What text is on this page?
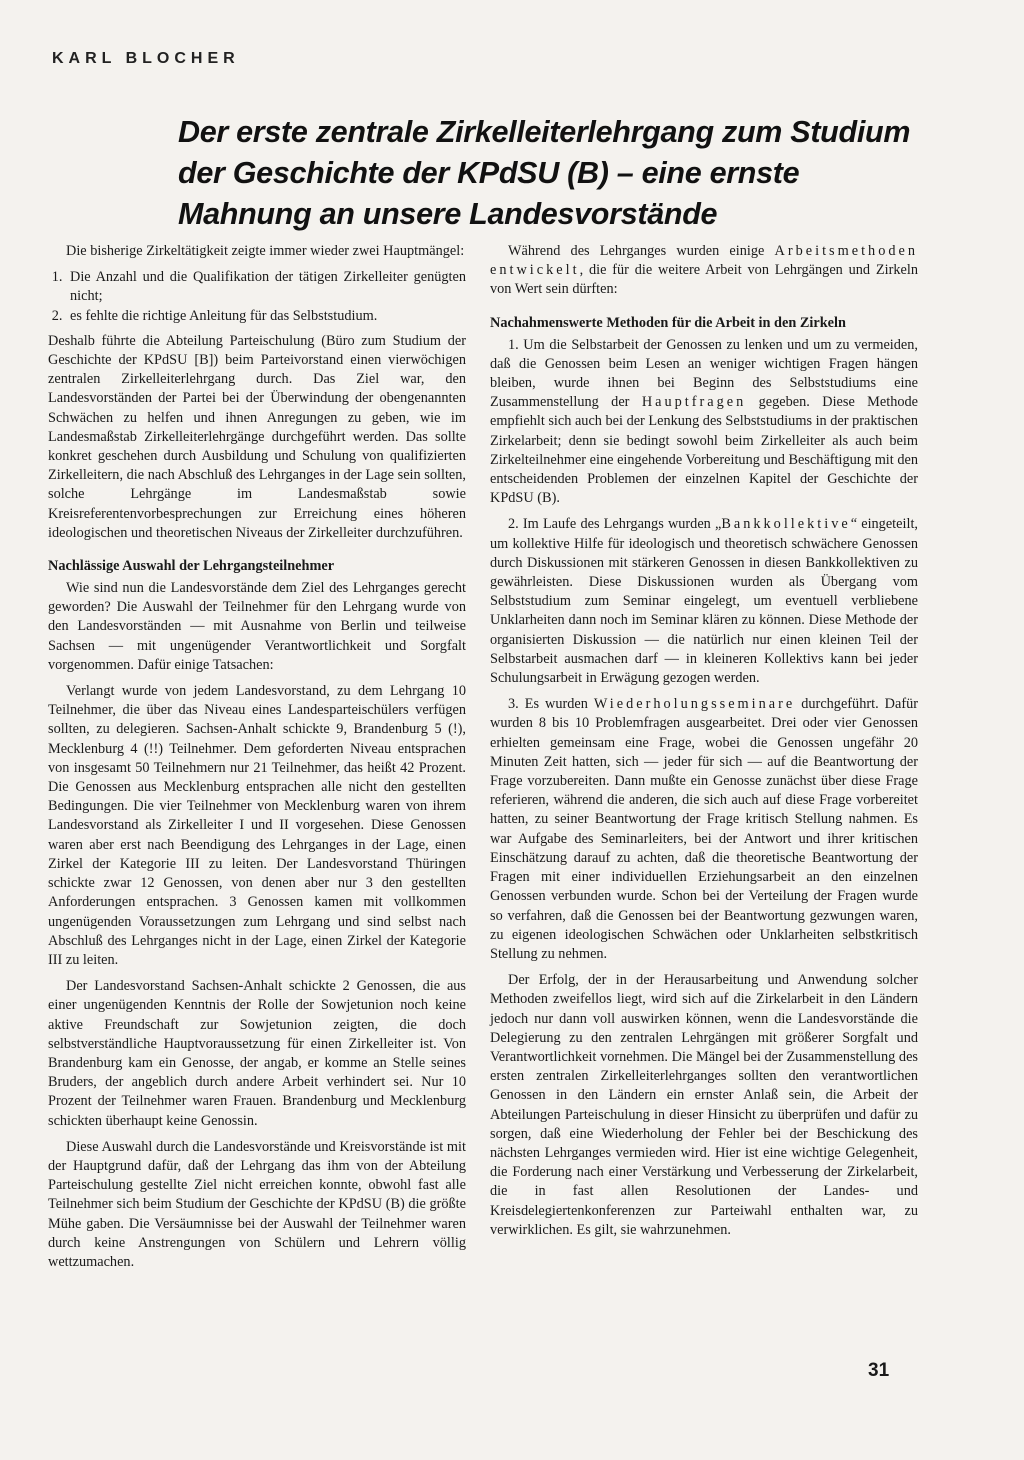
KARL BLOCHER
Der erste zentrale Zirkelleiterlehrgang zum Studium der Geschichte der KPdSU (B) – eine ernste Mahnung an unsere Landesvorstände

Die bisherige Zirkeltätigkeit zeigte immer wieder zwei Hauptmängel:

1. Die Anzahl und die Qualifikation der tätigen Zirkelleiter genügten nicht;
2. es fehlte die richtige Anleitung für das Selbststudium.

Deshalb führte die Abteilung Parteischulung (Büro zum Studium der Geschichte der KPdSU [B]) beim Parteivorstand einen vierwöchigen zentralen Zirkelleiterlehrgang durch. Das Ziel war, den Landesvorständen der Partei bei der Überwindung der obengenannten Schwächen zu helfen und ihnen Anregungen zu geben, wie im Landesmaßstab Zirkelleiterlehrgänge durchgeführt werden. Das sollte konkret geschehen durch Ausbildung und Schulung von qualifizierten Zirkelleitern, die nach Abschluß des Lehrganges in der Lage sein sollten, solche Lehrgänge im Landesmaßstab sowie Kreisreferentenvorbesprechungen zur Erreichung eines höheren ideologischen und theoretischen Niveaus der Zirkelleiter durchzuführen.

Nachlässige Auswahl der Lehrgangsteilnehmer

Wie sind nun die Landesvorstände dem Ziel des Lehrganges gerecht geworden? Die Auswahl der Teilnehmer für den Lehrgang wurde von den Landesvorständen — mit Ausnahme von Berlin und teilweise Sachsen — mit ungenügender Verantwortlichkeit und Sorgfalt vorgenommen. Dafür einige Tatsachen:

Verlangt wurde von jedem Landesvorstand, zu dem Lehrgang 10 Teilnehmer, die über das Niveau eines Landesparteischülers verfügen sollten, zu delegieren. Sachsen-Anhalt schickte 9, Brandenburg 5 (!), Mecklenburg 4 (!!) Teilnehmer. Dem geforderten Niveau entsprachen von insgesamt 50 Teilnehmern nur 21 Teilnehmer, das heißt 42 Prozent. Die Genossen aus Mecklenburg entsprachen alle nicht den gestellten Bedingungen. Die vier Teilnehmer von Mecklenburg waren von ihrem Landesvorstand als Zirkelleiter I und II vorgesehen. Diese Genossen waren aber erst nach Beendigung des Lehrganges in der Lage, einen Zirkel der Kategorie III zu leiten. Der Landesvorstand Thüringen schickte zwar 12 Genossen, von denen aber nur 3 den gestellten Anforderungen entsprachen. 3 Genossen kamen mit vollkommen ungenügenden Voraussetzungen zum Lehrgang und sind selbst nach Abschluß des Lehrganges nicht in der Lage, einen Zirkel der Kategorie III zu leiten.

Der Landesvorstand Sachsen-Anhalt schickte 2 Genossen, die aus einer ungenügenden Kenntnis der Rolle der Sowjetunion noch keine aktive Freundschaft zur Sowjetunion zeigten, die doch selbstverständliche Hauptvoraussetzung für einen Zirkelleiter ist. Von Brandenburg kam ein Genosse, der angab, er komme an Stelle seines Bruders, der angeblich durch andere Arbeit verhindert sei. Nur 10 Prozent der Teilnehmer waren Frauen. Brandenburg und Mecklenburg schickten überhaupt keine Genossin.

Diese Auswahl durch die Landesvorstände und Kreisvorstände ist mit der Hauptgrund dafür, daß der Lehrgang das ihm von der Abteilung Parteischulung gestellte Ziel nicht erreichen konnte, obwohl fast alle Teilnehmer sich beim Studium der Geschichte der KPdSU (B) die größte Mühe gaben. Die Versäumnisse bei der Auswahl der Teilnehmer waren durch keine Anstrengungen von Schülern und Lehrern völlig wettzumachen.

Während des Lehrganges wurden einige Arbeitsmethoden entwickelt, die für die weitere Arbeit von Lehrgängen und Zirkeln von Wert sein dürften:

Nachahmenswerte Methoden für die Arbeit in den Zirkeln

1. Um die Selbstarbeit der Genossen zu lenken und um zu vermeiden, daß die Genossen beim Lesen an weniger wichtigen Fragen hängen bleiben, wurde ihnen bei Beginn des Selbststudiums eine Zusammenstellung der Hauptfragen gegeben. Diese Methode empfiehlt sich auch bei der Lenkung des Selbststudiums in der praktischen Zirkelarbeit; denn sie bedingt sowohl beim Zirkelleiter als auch beim Zirkelteilnehmer eine eingehende Vorbereitung und Beschäftigung mit den entscheidenden Problemen der einzelnen Kapitel der Geschichte der KPdSU (B).

2. Im Laufe des Lehrgangs wurden „Bankkollektive“ eingeteilt, um kollektive Hilfe für ideologisch und theoretisch schwächere Genossen durch Diskussionen mit stärkeren Genossen in diesen Bankkollektiven zu gewährleisten. Diese Diskussionen wurden als Übergang vom Selbststudium zum Seminar eingelegt, um eventuell verbliebene Unklarheiten dann noch im Seminar klären zu können. Diese Methode der organisierten Diskussion — die natürlich nur einen kleinen Teil der Selbstarbeit ausmachen darf — in kleineren Kollektivs kann bei jeder Schulungsarbeit in Erwägung gezogen werden.

3. Es wurden Wiederholungsseminare durchgeführt. Dafür wurden 8 bis 10 Problemfragen ausgearbeitet. Drei oder vier Genossen erhielten gemeinsam eine Frage, wobei die Genossen ungefähr 20 Minuten Zeit hatten, sich — jeder für sich — auf die Beantwortung der Frage vorzubereiten. Dann mußte ein Genosse zunächst über diese Frage referieren, während die anderen, die sich auch auf diese Frage vorbereitet hatten, zu seiner Beantwortung der Frage kritisch Stellung nahmen. Es war Aufgabe des Seminarleiters, bei der Antwort und ihrer kritischen Einschätzung darauf zu achten, daß die theoretische Beantwortung der Fragen mit einer individuellen Erziehungsarbeit an den einzelnen Genossen verbunden wurde. Schon bei der Verteilung der Fragen wurde so verfahren, daß die Genossen bei der Beantwortung gezwungen waren, zu eigenen ideologischen Schwächen oder Unklarheiten selbstkritisch Stellung zu nehmen.

Der Erfolg, der in der Herausarbeitung und Anwendung solcher Methoden zweifellos liegt, wird sich auf die Zirkelarbeit in den Ländern jedoch nur dann voll auswirken können, wenn die Landesvorstände die Delegierung zu den zentralen Lehrgängen mit größerer Sorgfalt und Verantwortlichkeit vornehmen. Die Mängel bei der Zusammenstellung des ersten zentralen Zirkelleiterlehrganges sollten den verantwortlichen Genossen in den Ländern ein ernster Anlaß sein, die Arbeit der Abteilungen Parteischulung in dieser Hinsicht zu überprüfen und dafür zu sorgen, daß eine Wiederholung der Fehler bei der Beschickung des nächsten Lehrganges vermieden wird. Hier ist eine wichtige Gelegenheit, die Forderung nach einer Verstärkung und Verbesserung der Zirkelarbeit, die in fast allen Resolutionen der Landes- und Kreisdelegiertenkonferenzen zur Parteiwahl enthalten war, zu verwirklichen. Es gilt, sie wahrzunehmen.

31
